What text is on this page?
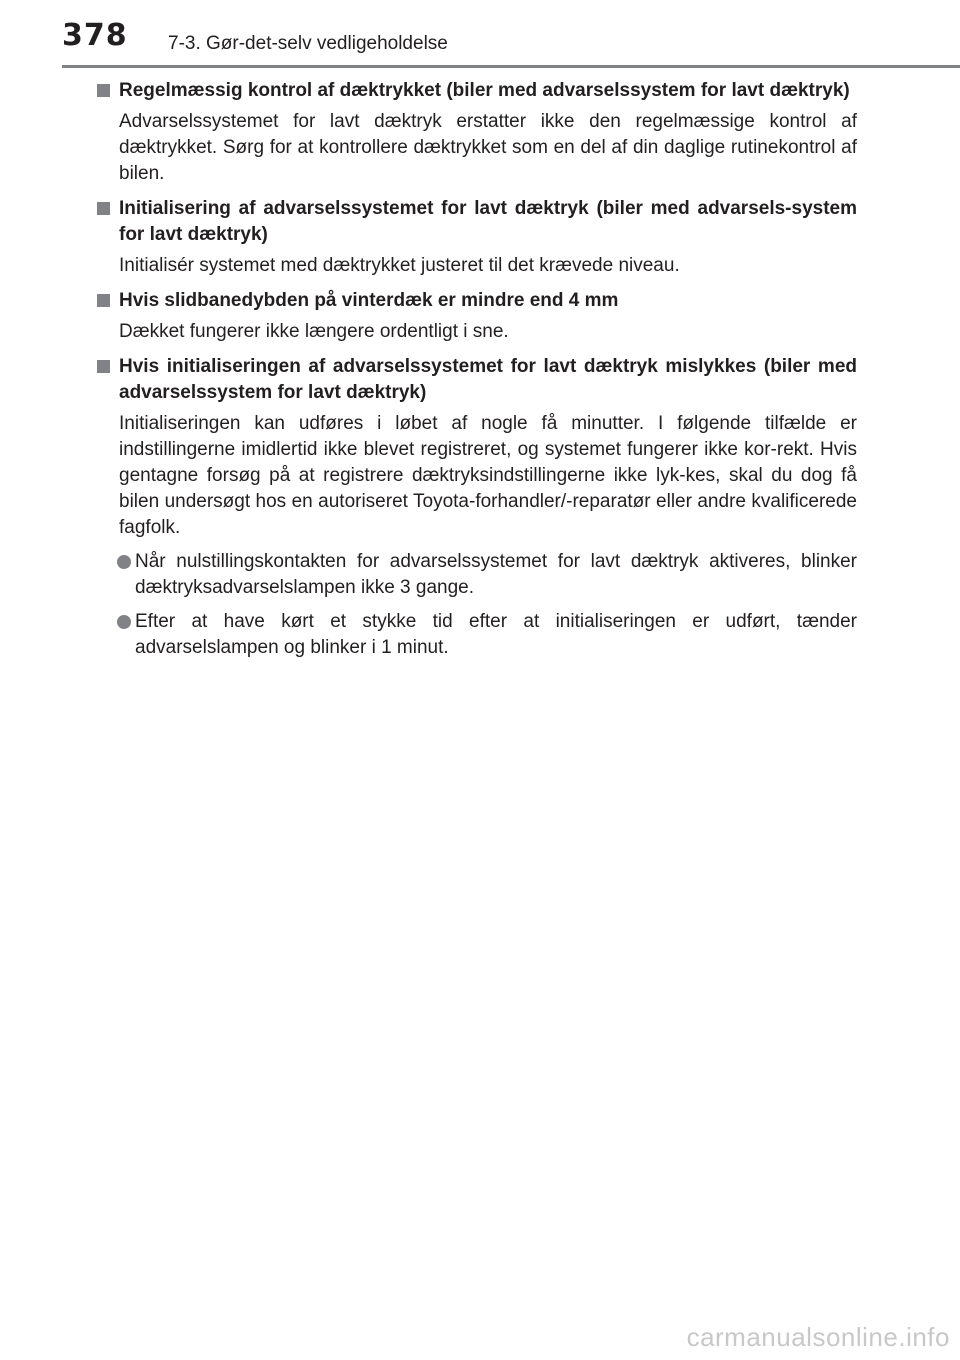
378 7-3. Gør-det-selv vedligeholdelse
Regelmæssig kontrol af dæktrykket (biler med advarselssystem for lavt dæktryk)
Advarselssystemet for lavt dæktryk erstatter ikke den regelmæssige kontrol af dæktrykket. Sørg for at kontrollere dæktrykket som en del af din daglige rutinekontrol af bilen.
Initialisering af advarselssystemet for lavt dæktryk (biler med advarsels-system for lavt dæktryk)
Initialisér systemet med dæktrykket justeret til det krævede niveau.
Hvis slidbanedybden på vinterdæk er mindre end 4 mm
Dækket fungerer ikke længere ordentligt i sne.
Hvis initialiseringen af advarselssystemet for lavt dæktryk mislykkes (biler med advarselssystem for lavt dæktryk)
Initialiseringen kan udføres i løbet af nogle få minutter. I følgende tilfælde er indstillingerne imidlertid ikke blevet registreret, og systemet fungerer ikke kor-rekt. Hvis gentagne forsøg på at registrere dæktryksindstillingerne ikke lyk-kes, skal du dog få bilen undersøgt hos en autoriseret Toyota-forhandler/-reparatør eller andre kvalificerede fagfolk.
Når nulstillingskontakten for advarselssystemet for lavt dæktryk aktiveres, blinker dæktryksadvarselslampen ikke 3 gange.
Efter at have kørt et stykke tid efter at initialiseringen er udført, tænder advarselslampen og blinker i 1 minut.
carmanualsonline.info
